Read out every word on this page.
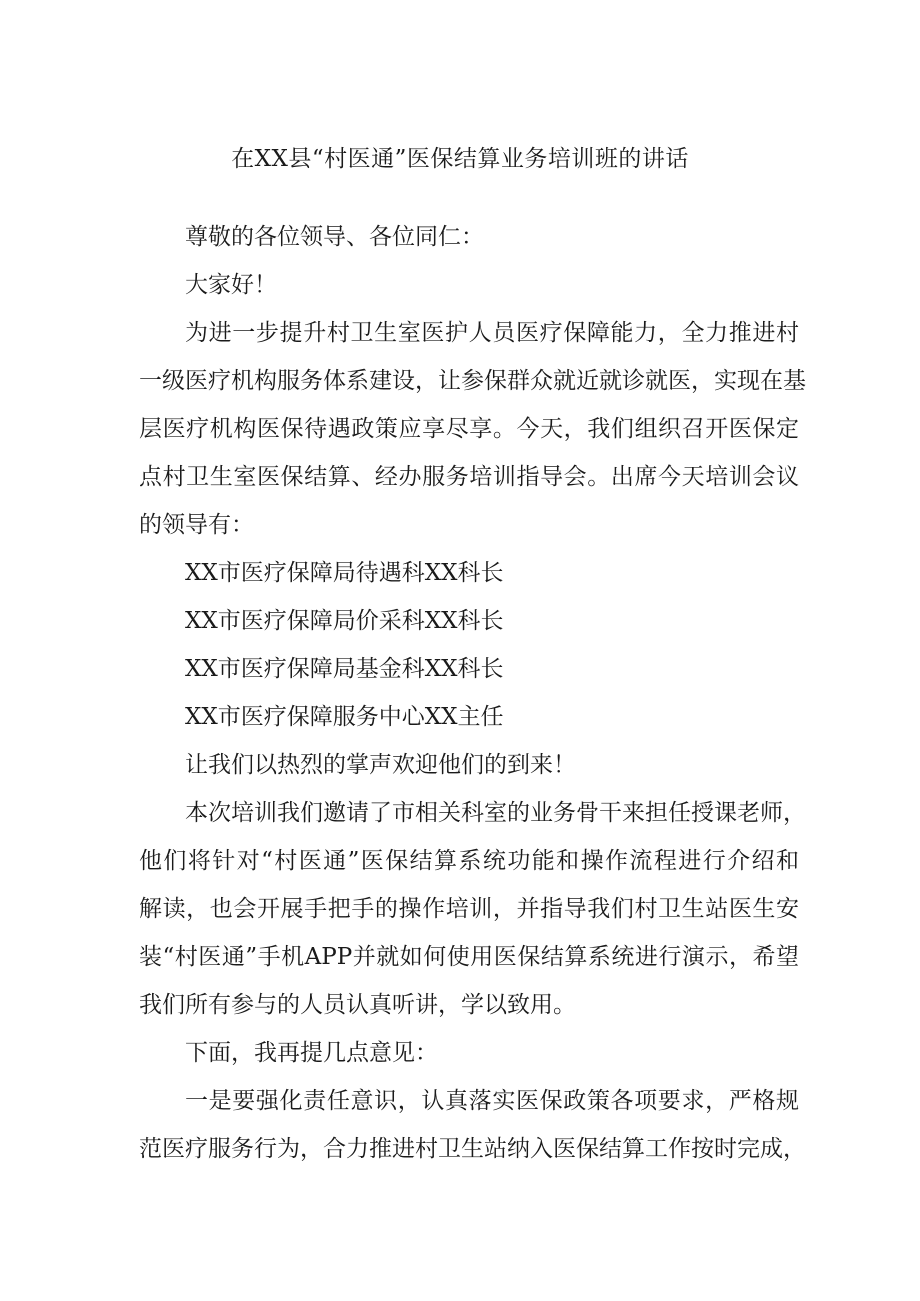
在XX县“村医通”医保结算业务培训班的讲话
尊敬的各位领导、各位同仁：
大家好！
为进一步提升村卫生室医护人员医疗保障能力，全力推进村
一级医疗机构服务体系建设，让参保群众就近就诊就医，实现在基
层医疗机构医保待遇政策应享尽享。今天，我们组织召开医保定
点村卫生室医保结算、经办服务培训指导会。出席今天培训会议
的领导有：
XX市医疗保障局待遇科XX科长
XX市医疗保障局价采科XX科长
XX市医疗保障局基金科XX科长
XX市医疗保障服务中心XX主任
让我们以热烈的掌声欢迎他们的到来！
本次培训我们邀请了市相关科室的业务骨干来担任授课老师，
他们将针对“村医通”医保结算系统功能和操作流程进行介绍和
解读，也会开展手把手的操作培训，并指导我们村卫生站医生安
装“村医通”手机APP并就如何使用医保结算系统进行演示，希望
我们所有参与的人员认真听讲，学以致用。
下面，我再提几点意见：
一是要强化责任意识，认真落实医保政策各项要求，严格规
范医疗服务行为，合力推进村卫生站纳入医保结算工作按时完成，
